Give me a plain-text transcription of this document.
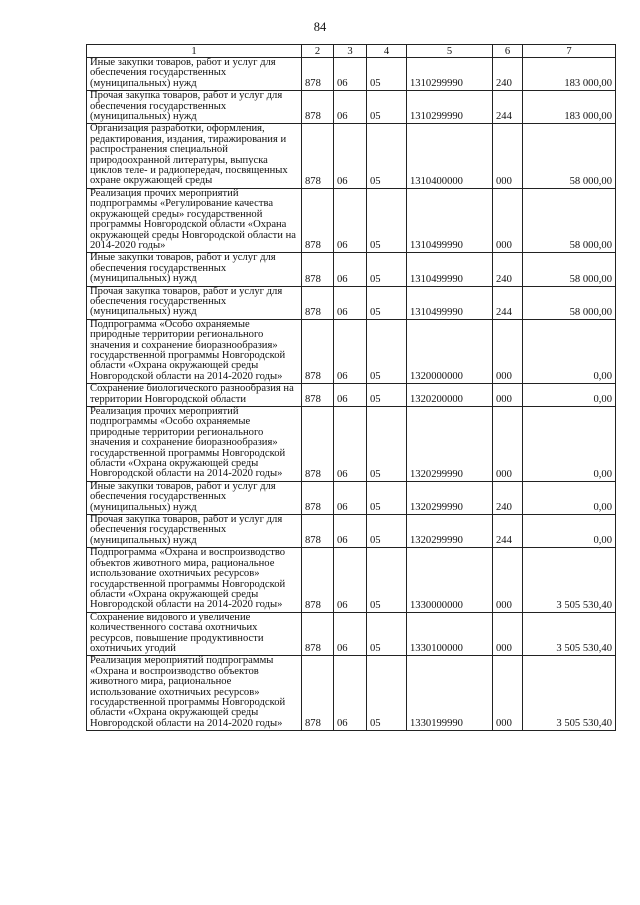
84
1	2	3	4	5	6	7
Иные закупки товаров, работ и услуг для обеспечения государственных (муниципальных) нужд	878	06	05	1310299990	240	183 000,00
Прочая закупка товаров, работ и услуг для обеспечения государственных (муниципальных) нужд	878	06	05	1310299990	244	183 000,00
Организация разработки, оформления, редактирования, издания, тиражирования и распространения специальной природоохранной литературы, выпуска циклов теле- и радиопередач, посвященных охране окружающей среды	878	06	05	1310400000	000	58 000,00
Реализация прочих мероприятий подпрограммы «Регулирование качества окружающей среды» государственной программы Новгородской области «Охрана окружающей среды Новгородской области на 2014-2020 годы»	878	06	05	1310499990	000	58 000,00
Иные закупки товаров, работ и услуг для обеспечения государственных (муниципальных) нужд	878	06	05	1310499990	240	58 000,00
Прочая закупка товаров, работ и услуг для обеспечения государственных (муниципальных) нужд	878	06	05	1310499990	244	58 000,00
Подпрограмма «Особо охраняемые природные территории регионального значения и сохранение биоразнообразия» государственной программы Новгородской области «Охрана окружающей среды Новгородской области на 2014-2020 годы»	878	06	05	1320000000	000	0,00
Сохранение биологического разнообразия на территории Новгородской области	878	06	05	1320200000	000	0,00
Реализация прочих мероприятий подпрограммы «Особо охраняемые природные территории регионального значения и сохранение биоразнообразия» государственной программы Новгородской области «Охрана окружающей среды Новгородской области на 2014-2020 годы»	878	06	05	1320299990	000	0,00
Иные закупки товаров, работ и услуг для обеспечения государственных (муниципальных) нужд	878	06	05	1320299990	240	0,00
Прочая закупка товаров, работ и услуг для обеспечения государственных (муниципальных) нужд	878	06	05	1320299990	244	0,00
Подпрограмма «Охрана и воспроизводство объектов животного мира, рациональное использование охотничьих ресурсов» государственной программы Новгородской области «Охрана окружающей среды Новгородской области на 2014-2020 годы»	878	06	05	1330000000	000	3 505 530,40
Сохранение видового и увеличение количественного состава охотничьих ресурсов, повышение продуктивности охотничьих угодий	878	06	05	1330100000	000	3 505 530,40
Реализация мероприятий подпрограммы «Охрана и воспроизводство объектов животного мира, рациональное использование охотничьих ресурсов» государственной программы Новгородской области «Охрана окружающей среды Новгородской области на 2014-2020 годы»	878	06	05	1330199990	000	3 505 530,40
